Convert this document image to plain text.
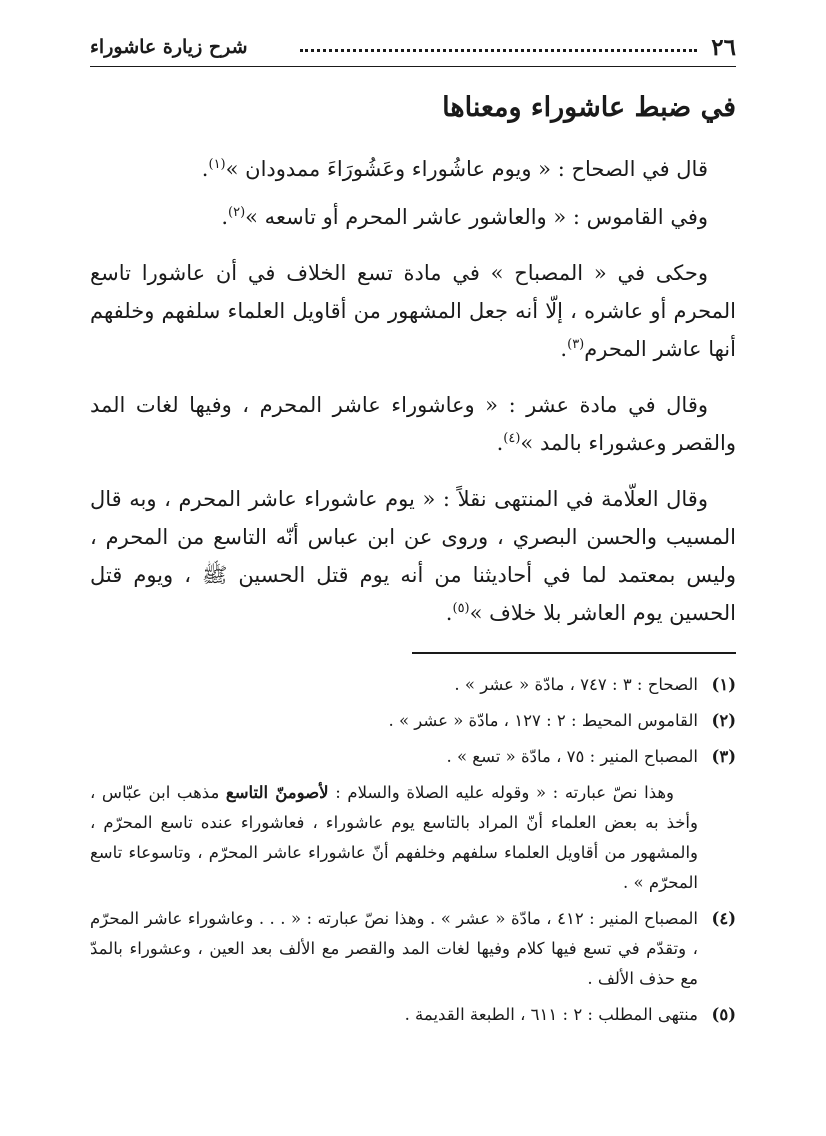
٢٦
شرح زيارة عاشوراء
في ضبط عاشوراء ومعناها

قال في الصحاح : « ويوم عاشُوراء وعَشُورَاءَ ممدودان »$^{(١)}$.

وفي القاموس : « والعاشور عاشر المحرم أو تاسعه »$^{(٢)}$.

وحكى في « المصباح » في مادة تسع الخلاف في أن عاشورا تاسع المحرم أو عاشره ، إلّا أنه جعل المشهور من أقاويل العلماء سلفهم وخلفهم أنها عاشر المحرم$^{(٣)}$.

وقال في مادة عشر : « وعاشوراء عاشر المحرم ، وفيها لغات المد والقصر وعشوراء بالمد »$^{(٤)}$.

وقال العلّامة في المنتهى نقلاً : « يوم عاشوراء عاشر المحرم ، وبه قال المسيب والحسن البصري ، وروى عن ابن عباس أنّه التاسع من المحرم ، وليس بمعتمد لما في أحاديثنا من أنه يوم قتل الحسين ﷺ ، ويوم قتل الحسين يوم العاشر بلا خلاف »$^{(٥)}$.

(١)
الصحاح : ٣ : ٧٤٧ ، مادّة « عشر » .
(٢)
القاموس المحيط : ٢ : ١٢٧ ، مادّة « عشر » .
(٣)
المصباح المنير : ٧٥ ، مادّة « تسع » .
وهذا نصّ عبارته : « وقوله عليه الصلاة والسلام : لأصومنّ التاسع مذهب ابن عبّاس ، وأخذ به بعض العلماء أنّ المراد بالتاسع يوم عاشوراء ، فعاشوراء عنده تاسع المحرّم ، والمشهور من أقاويل العلماء سلفهم وخلفهم أنّ عاشوراء عاشر المحرّم ، وتاسوعاء تاسع المحرّم » .
(٤)
المصباح المنير : ٤١٢ ، مادّة « عشر » . وهذا نصّ عبارته : « . . . وعاشوراء عاشر المحرّم ، وتقدّم في تسع فيها كلام وفيها لغات المد والقصر مع الألف بعد العين ، وعشوراء بالمدّ مع حذف الألف .
(٥)
منتهى المطلب : ٢ : ٦١١ ، الطبعة القديمة .
